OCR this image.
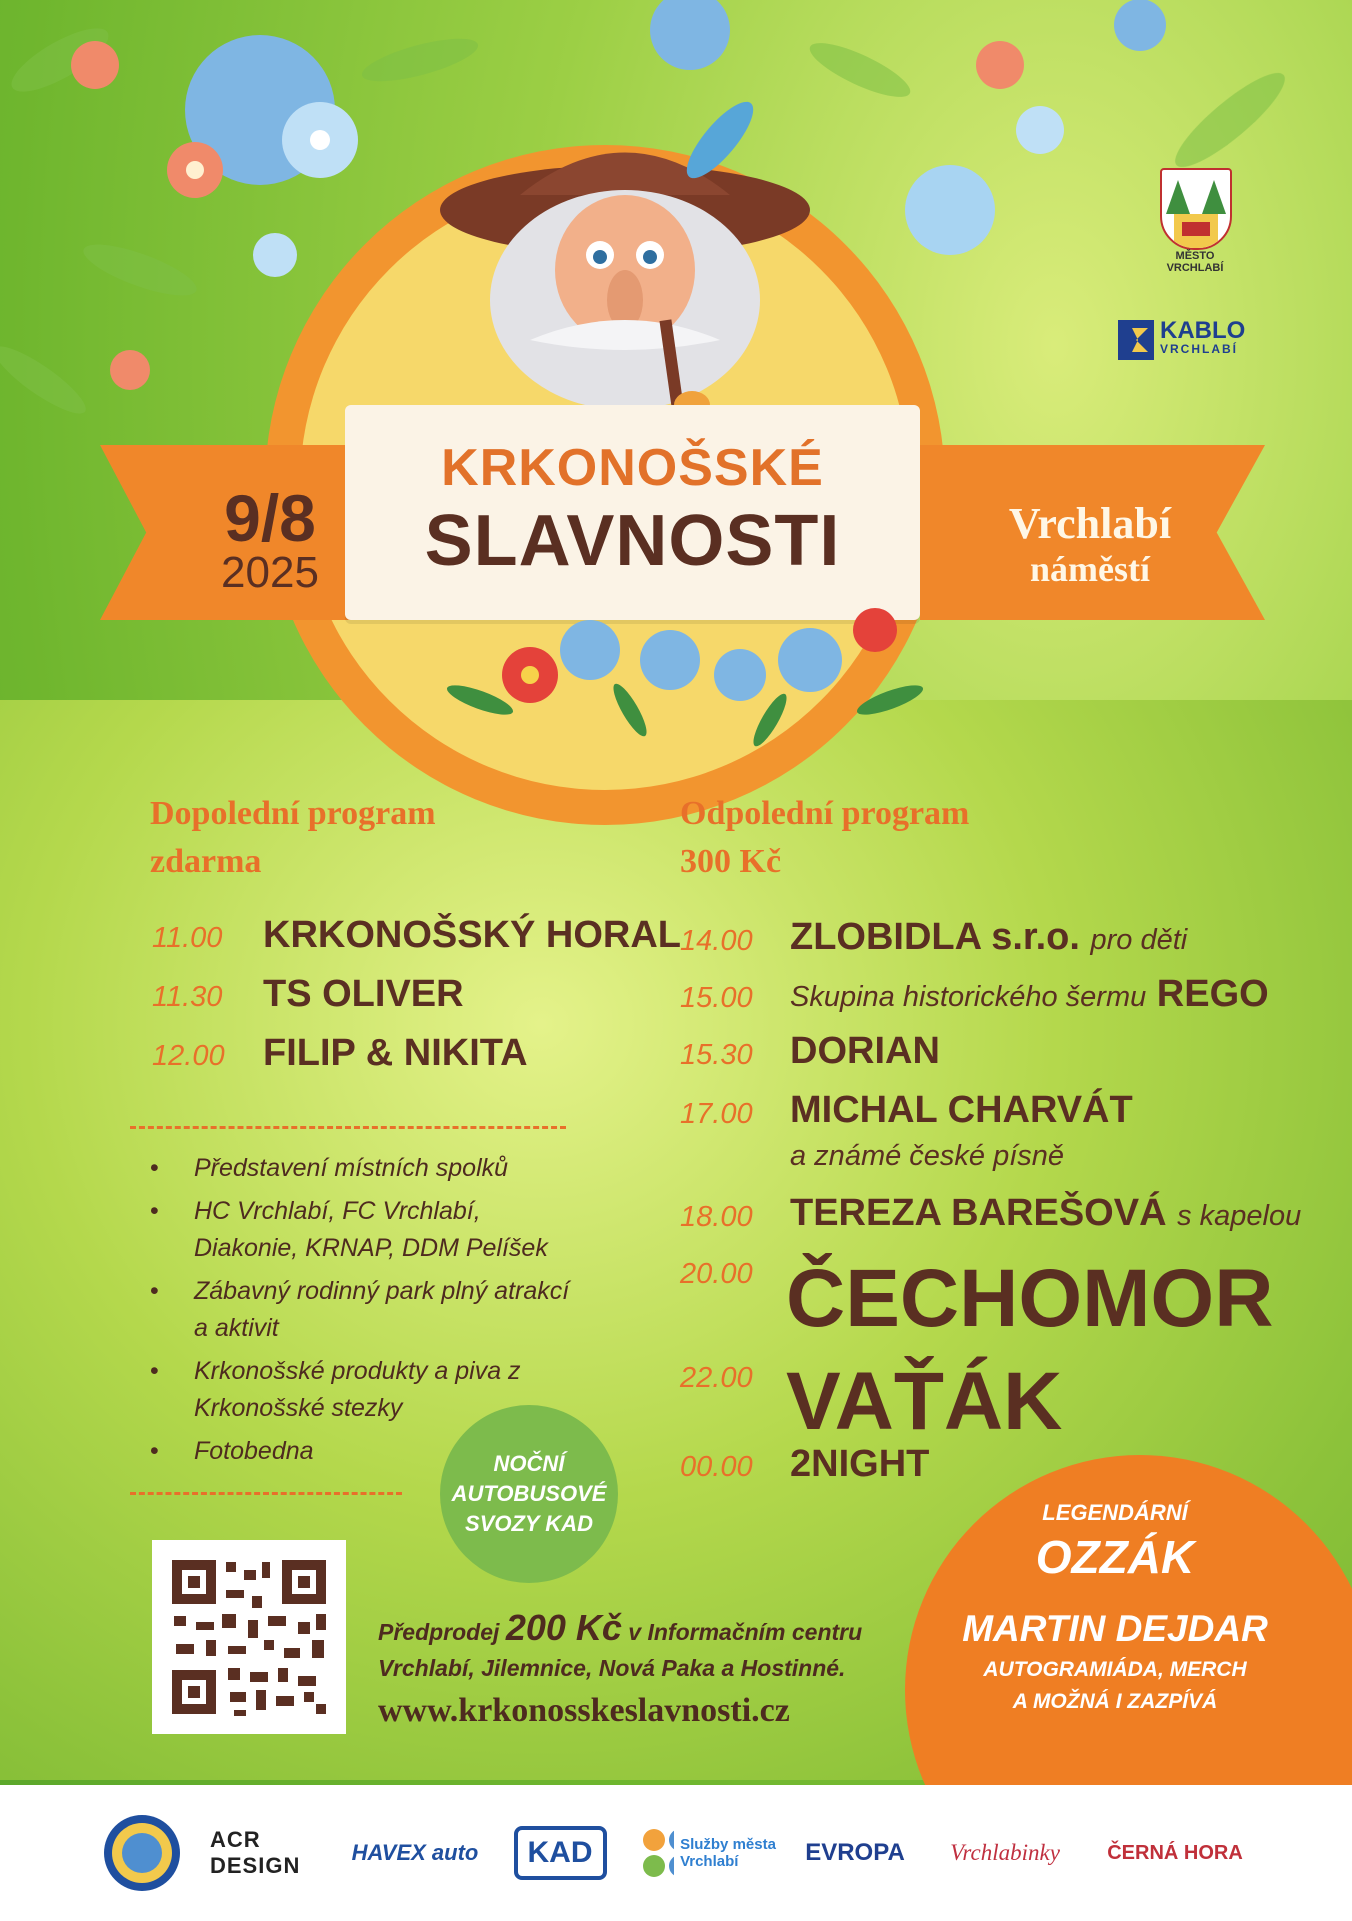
KRKONOŠSKÉ
SLAVNOSTI
9/8
2025
Vrchlabí
náměstí
MĚSTO
VRCHLABÍ
KABLO
VRCHLABÍ
Dopolední program
zdarma
11.00 KRKONOŠSKÝ HORAL
11.30 TS OLIVER
12.00 FILIP & NIKITA
• Představení místních spolků
• HC Vrchlabí, FC Vrchlabí, Diakonie, KRNAP, DDM Pelíšek
• Zábavný rodinný park plný atrakcí a aktivit
• Krkonošské produkty a piva z Krkonošské stezky
• Fotobedna	NOČNÍ
AUTOBUSOVÉ
SVOZY KAD
Odpolední program
300 Kč
14.00 ZLOBIDLA s.r.o. pro děti
15.00 Skupina historického šermu REGO
15.30 DORIAN
17.00 MICHAL CHARVÁT
a známé české písně
18.00 TEREZA BAREŠOVÁ s kapelou
20.00 ČECHOMOR
22.00 VAŤÁK
00.00 2NIGHT
Předprodej 200 Kč v Informačním centru
Vrchlabí, Jilemnice, Nová Paka a Hostinné.
www.krkonosskeslavnosti.cz
LEGENDÁRNÍ
OZZÁK
MARTIN DEJDAR
AUTOGRAMIÁDA, MERCH
A MOŽNÁ I ZAZPÍVÁ
ACR DESIGN
HAVEX auto	KAD	Služby města Vrchlabí	EVROPA	Vrchlabinky	ČERNÁ HORA
